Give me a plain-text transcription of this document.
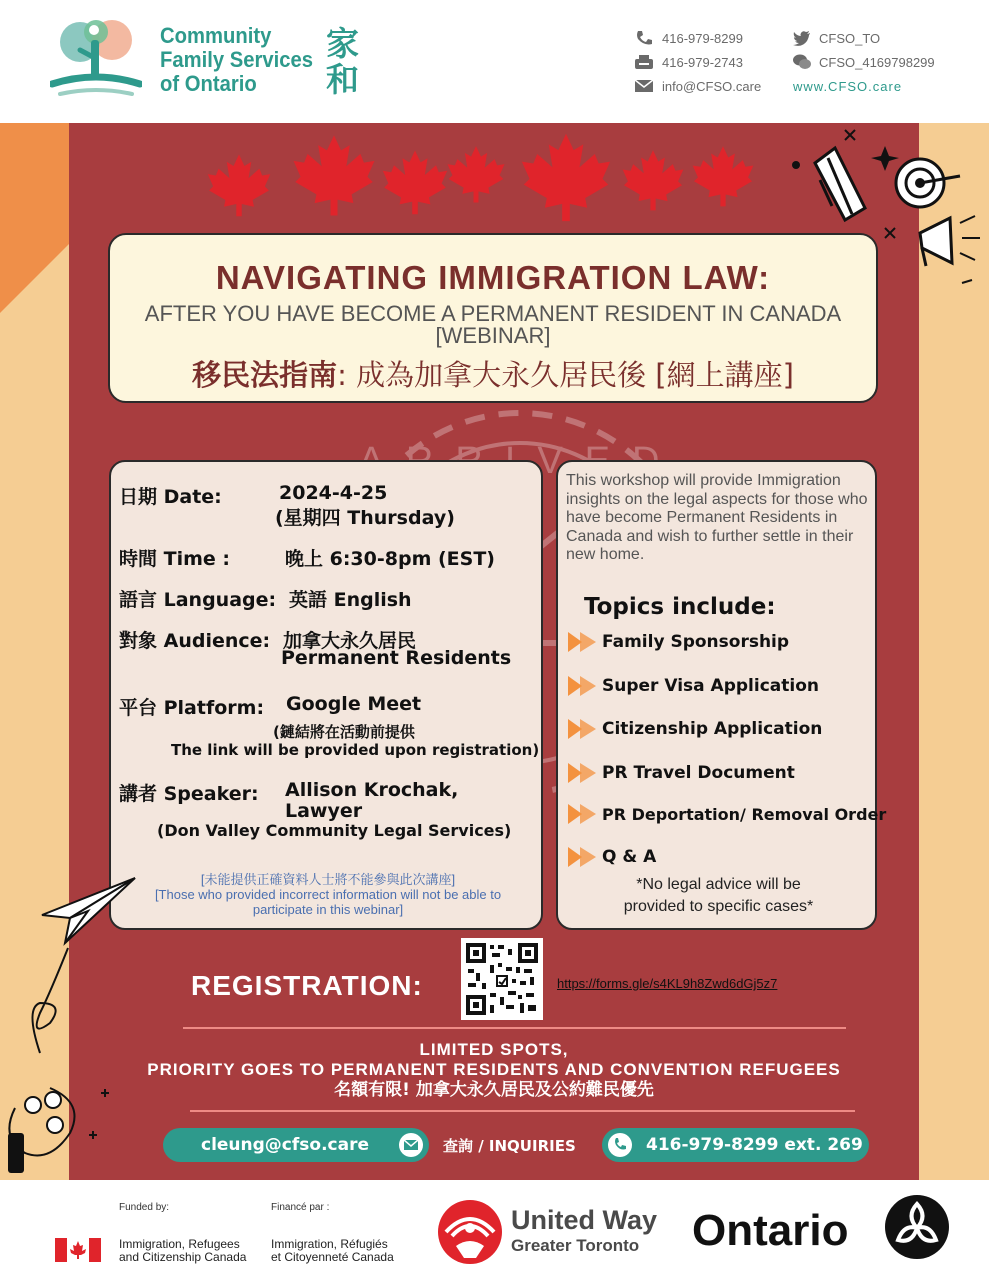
Community
Family Services
of Ontario
家和
416-979-8299
416-979-2743
info@CFSO.care
CFSO_TO
CFSO_4169798299
www.CFSO.care
NAVIGATING IMMIGRATION LAW:
AFTER YOU HAVE BECOME A PERMANENT RESIDENT IN CANADA [WEBINAR]
移民法指南: 成為加拿大永久居民後 [網上講座]
日期 Date:	2024-4-25
(星期四 Thursday)
時間 Time :	晚上 6:30-8pm (EST)
語言 Language: 英語 English
對象 Audience: 加拿大永久居民
Permanent Residents
平台 Platform: Google Meet
(鏈結將在活動前提供
The link will be provided upon registration)
講者 Speaker: Allison Krochak,
Lawyer
(Don Valley Community Legal Services)
[未能提供正確資料人士將不能參與此次講座]
[Those who provided incorrect information will not be able to participate in this webinar]
This workshop will provide Immigration insights on the legal aspects for those who have become Permanent Residents in Canada and wish to further settle in their new home.
Topics include:
Family Sponsorship
Super Visa Application
Citizenship Application
PR Travel Document
PR Deportation/ Removal Order
Q & A
*No legal advice will be provided to specific cases*
REGISTRATION:	https://forms.gle/s4KL9h8Zwd6dGj5z7
LIMITED SPOTS,
PRIORITY GOES TO PERMANENT RESIDENTS AND CONVENTION REFUGEES
名額有限! 加拿大永久居民及公約難民優先
cleung@cfso.care	查詢 / INQUIRIES	416-979-8299 ext. 269
Funded by:	Financé par :
Immigration, Refugees
and Citizenship Canada
Immigration, Réfugiés
et Citoyenneté Canada
United Way
Greater Toronto	Ontario
